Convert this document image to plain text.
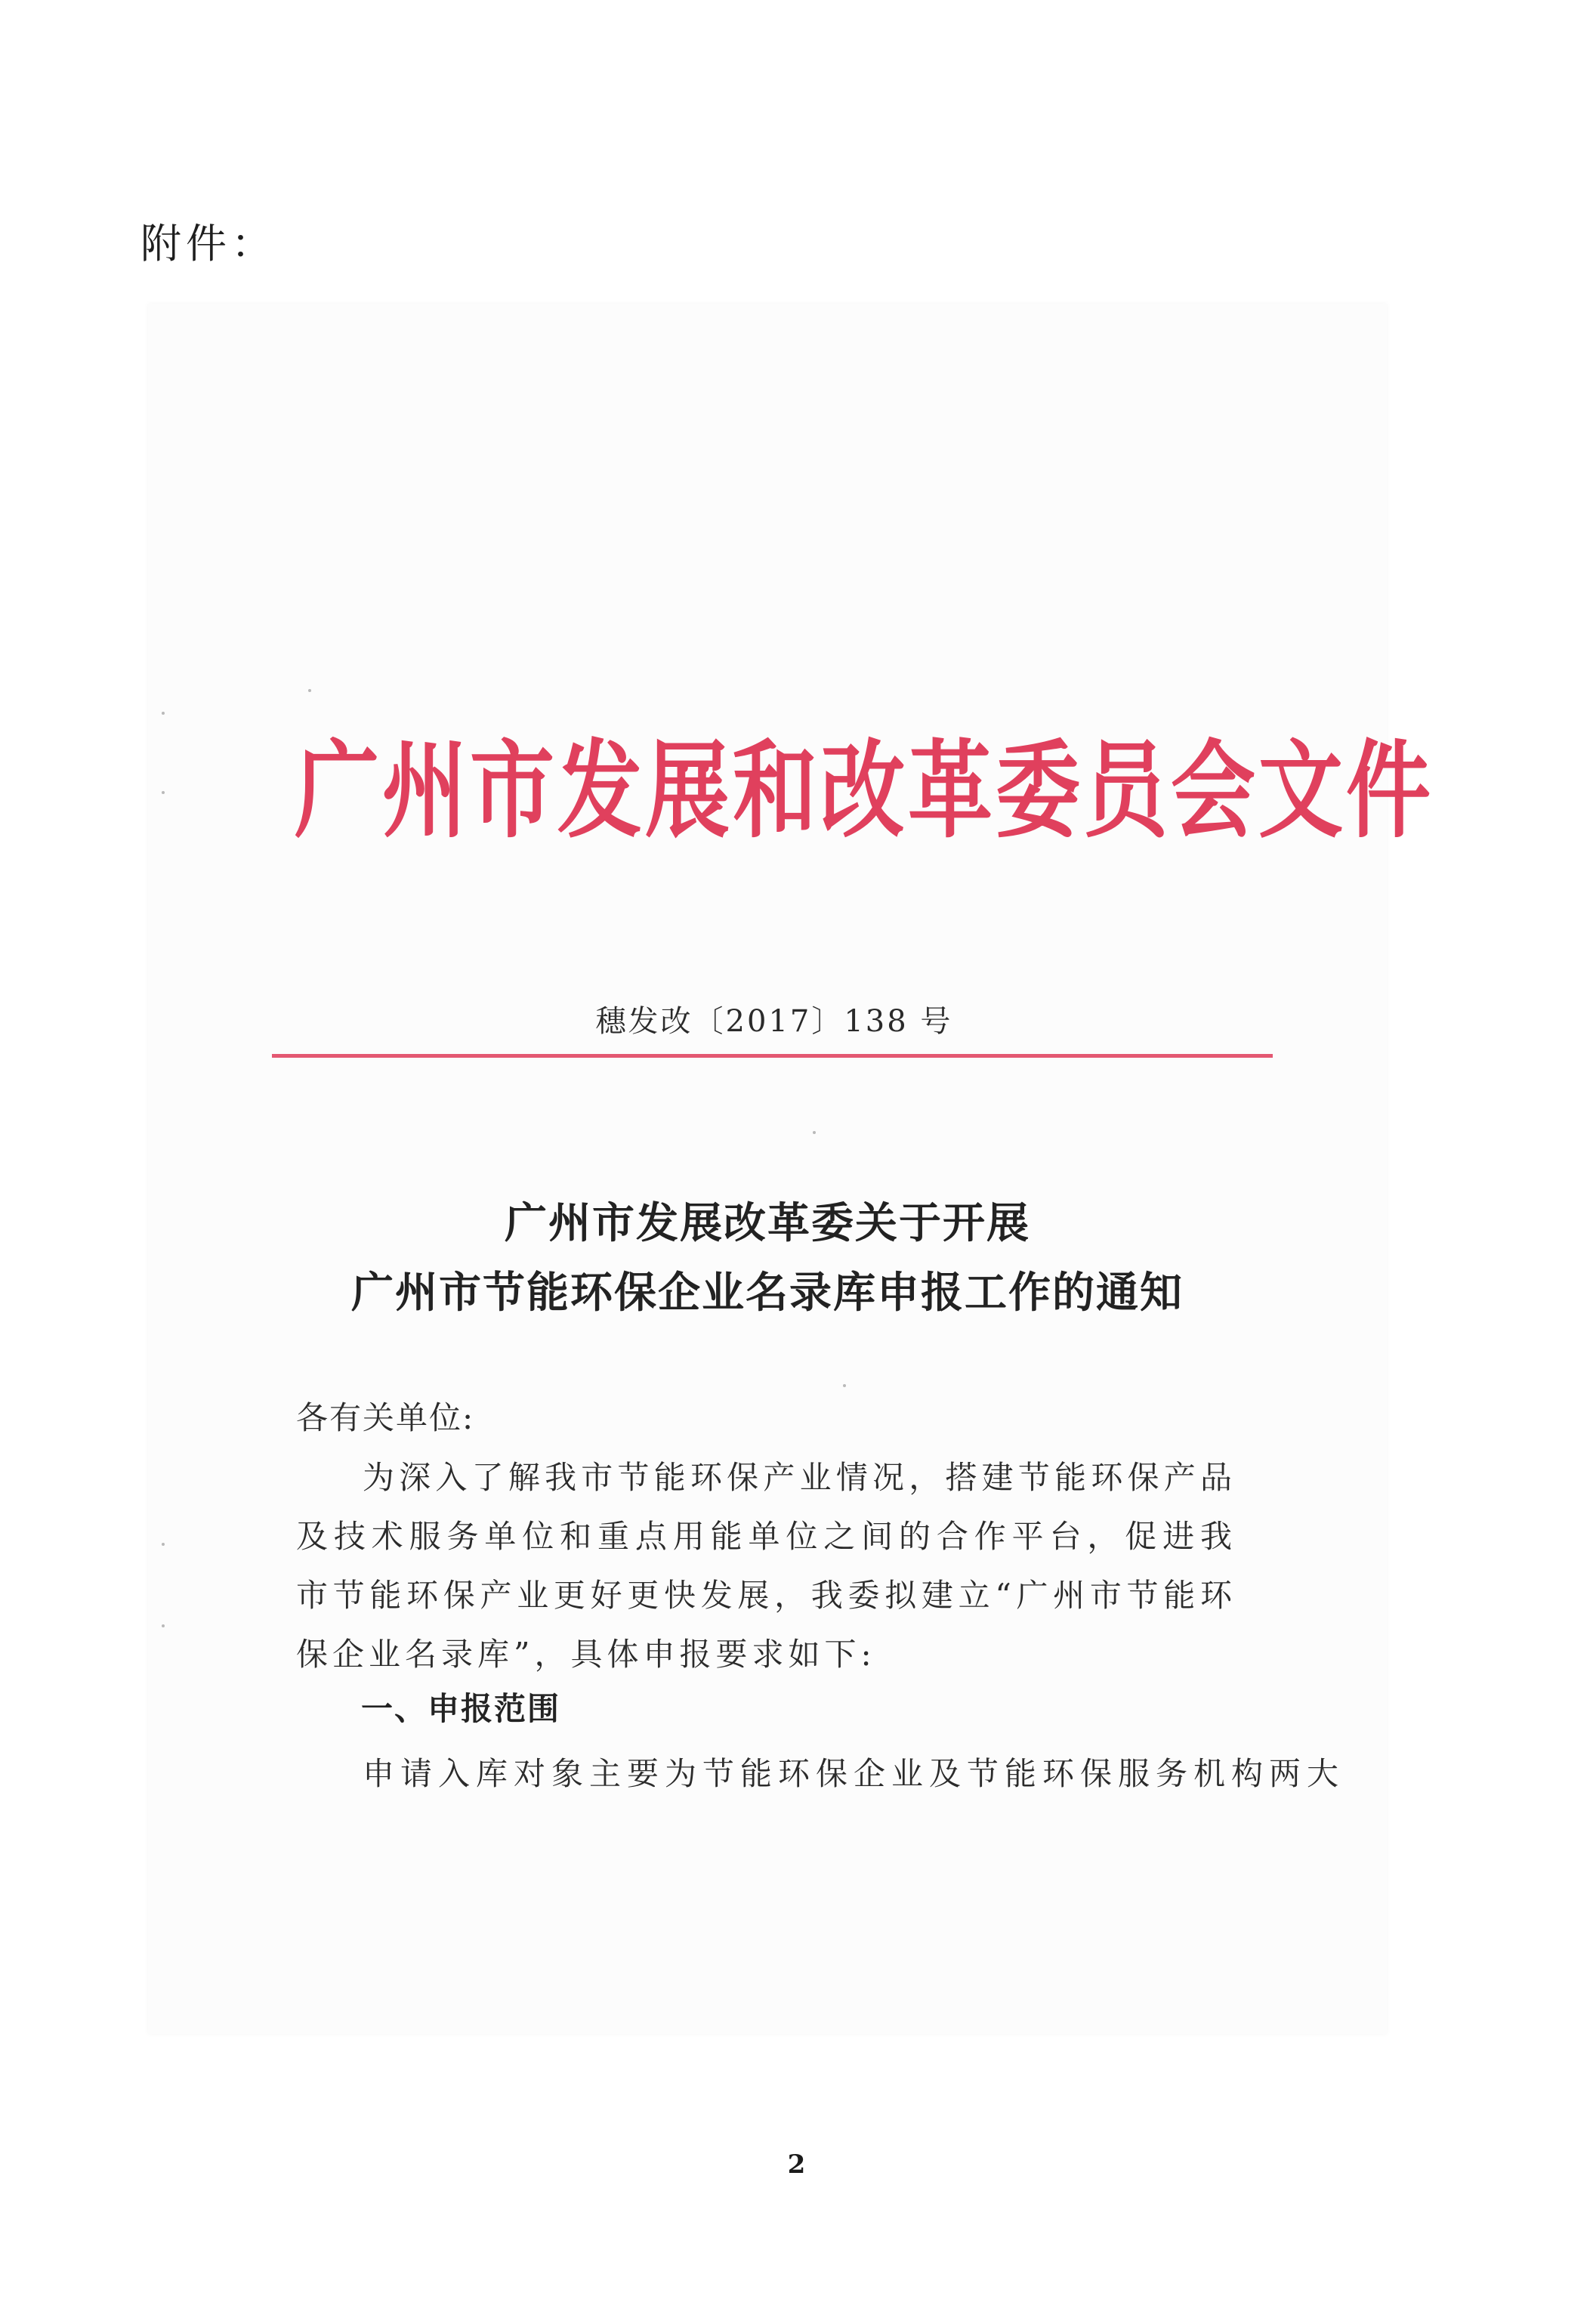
附件：
广州市发展和改革委员会文件
穗发改〔2017〕138 号
广州市发展改革委关于开展
广州市节能环保企业名录库申报工作的通知
各有关单位:
为深入了解我市节能环保产业情况，搭建节能环保产品及技术服务单位和重点用能单位之间的合作平台，促进我市节能环保产业更好更快发展，我委拟建立“广州市节能环保企业名录库”，具体申报要求如下:
一、申报范围
申请入库对象主要为节能环保企业及节能环保服务机构两大
2
